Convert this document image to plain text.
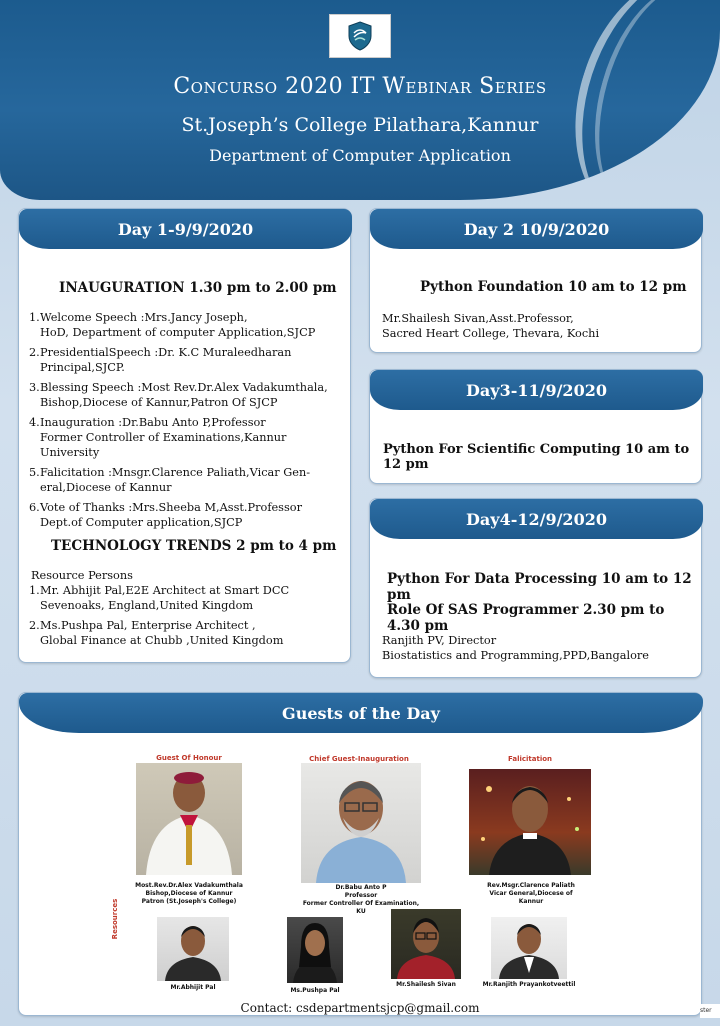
Concurso 2020 IT Webinar Series
St.Joseph’s College Pilathara,Kannur
Department of Computer Application
Day 1-9/9/2020
INAUGURATION 1.30 pm to 2.00 pm
1. Welcome Speech :Mrs.Jancy Joseph,
HoD, Department of computer Application,SJCP
2. PresidentialSpeech :Dr. K.C Muraleedharan
Principal,SJCP.
3. Blessing Speech :Most Rev.Dr.Alex Vadakumthala,
Bishop,Diocese of Kannur,Patron Of SJCP
4. Inauguration :Dr.Babu Anto P,Professor
Former Controller of Examinations,Kannur University
5. Falicitation :Mnsgr.Clarence Paliath,Vicar Gen-
eral,Diocese of Kannur
6. Vote of Thanks :Mrs.Sheeba M,Asst.Professor
Dept.of Computer application,SJCP
TECHNOLOGY TRENDS 2 pm to 4 pm
Resource Persons
1. Mr. Abhijit Pal,E2E Architect at Smart DCC
Sevenoaks, England,United Kingdom
2. Ms.Pushpa Pal, Enterprise Architect ,
Global Finance at Chubb ,United Kingdom
Day 2 10/9/2020
Python Foundation 10 am to 12 pm
Mr.Shailesh Sivan,Asst.Professor,
Sacred Heart College, Thevara, Kochi
Day3-11/9/2020
Python For Scientific Computing 10 am to 12 pm
Day4-12/9/2020
Python For Data Processing 10 am to 12 pm
Role Of SAS Programmer 2.30 pm to 4.30 pm
Ranjith PV, Director
Biostatistics and Programming,PPD,Bangalore
Guests of the Day
Guest Of Honour
Most.Rev.Dr.Alex Vadakumthala
Bishop,Diocese of Kannur
Patron (St.Joseph's College)
Chief Guest-Inauguration
Dr.Babu Anto P
Professor
Former Controller Of Examination,
KU
Falicitation
Rev.Msgr.Clarence Paliath
Vicar General,Diocese of
Kannur
Resources
Mr.Abhijit Pal	Ms.Pushpa Pal
Mr.Shailesh Sivan	Mr.Ranjith Prayankotveettil
Contact: csdepartmentsjcp@gmail.com	ster
